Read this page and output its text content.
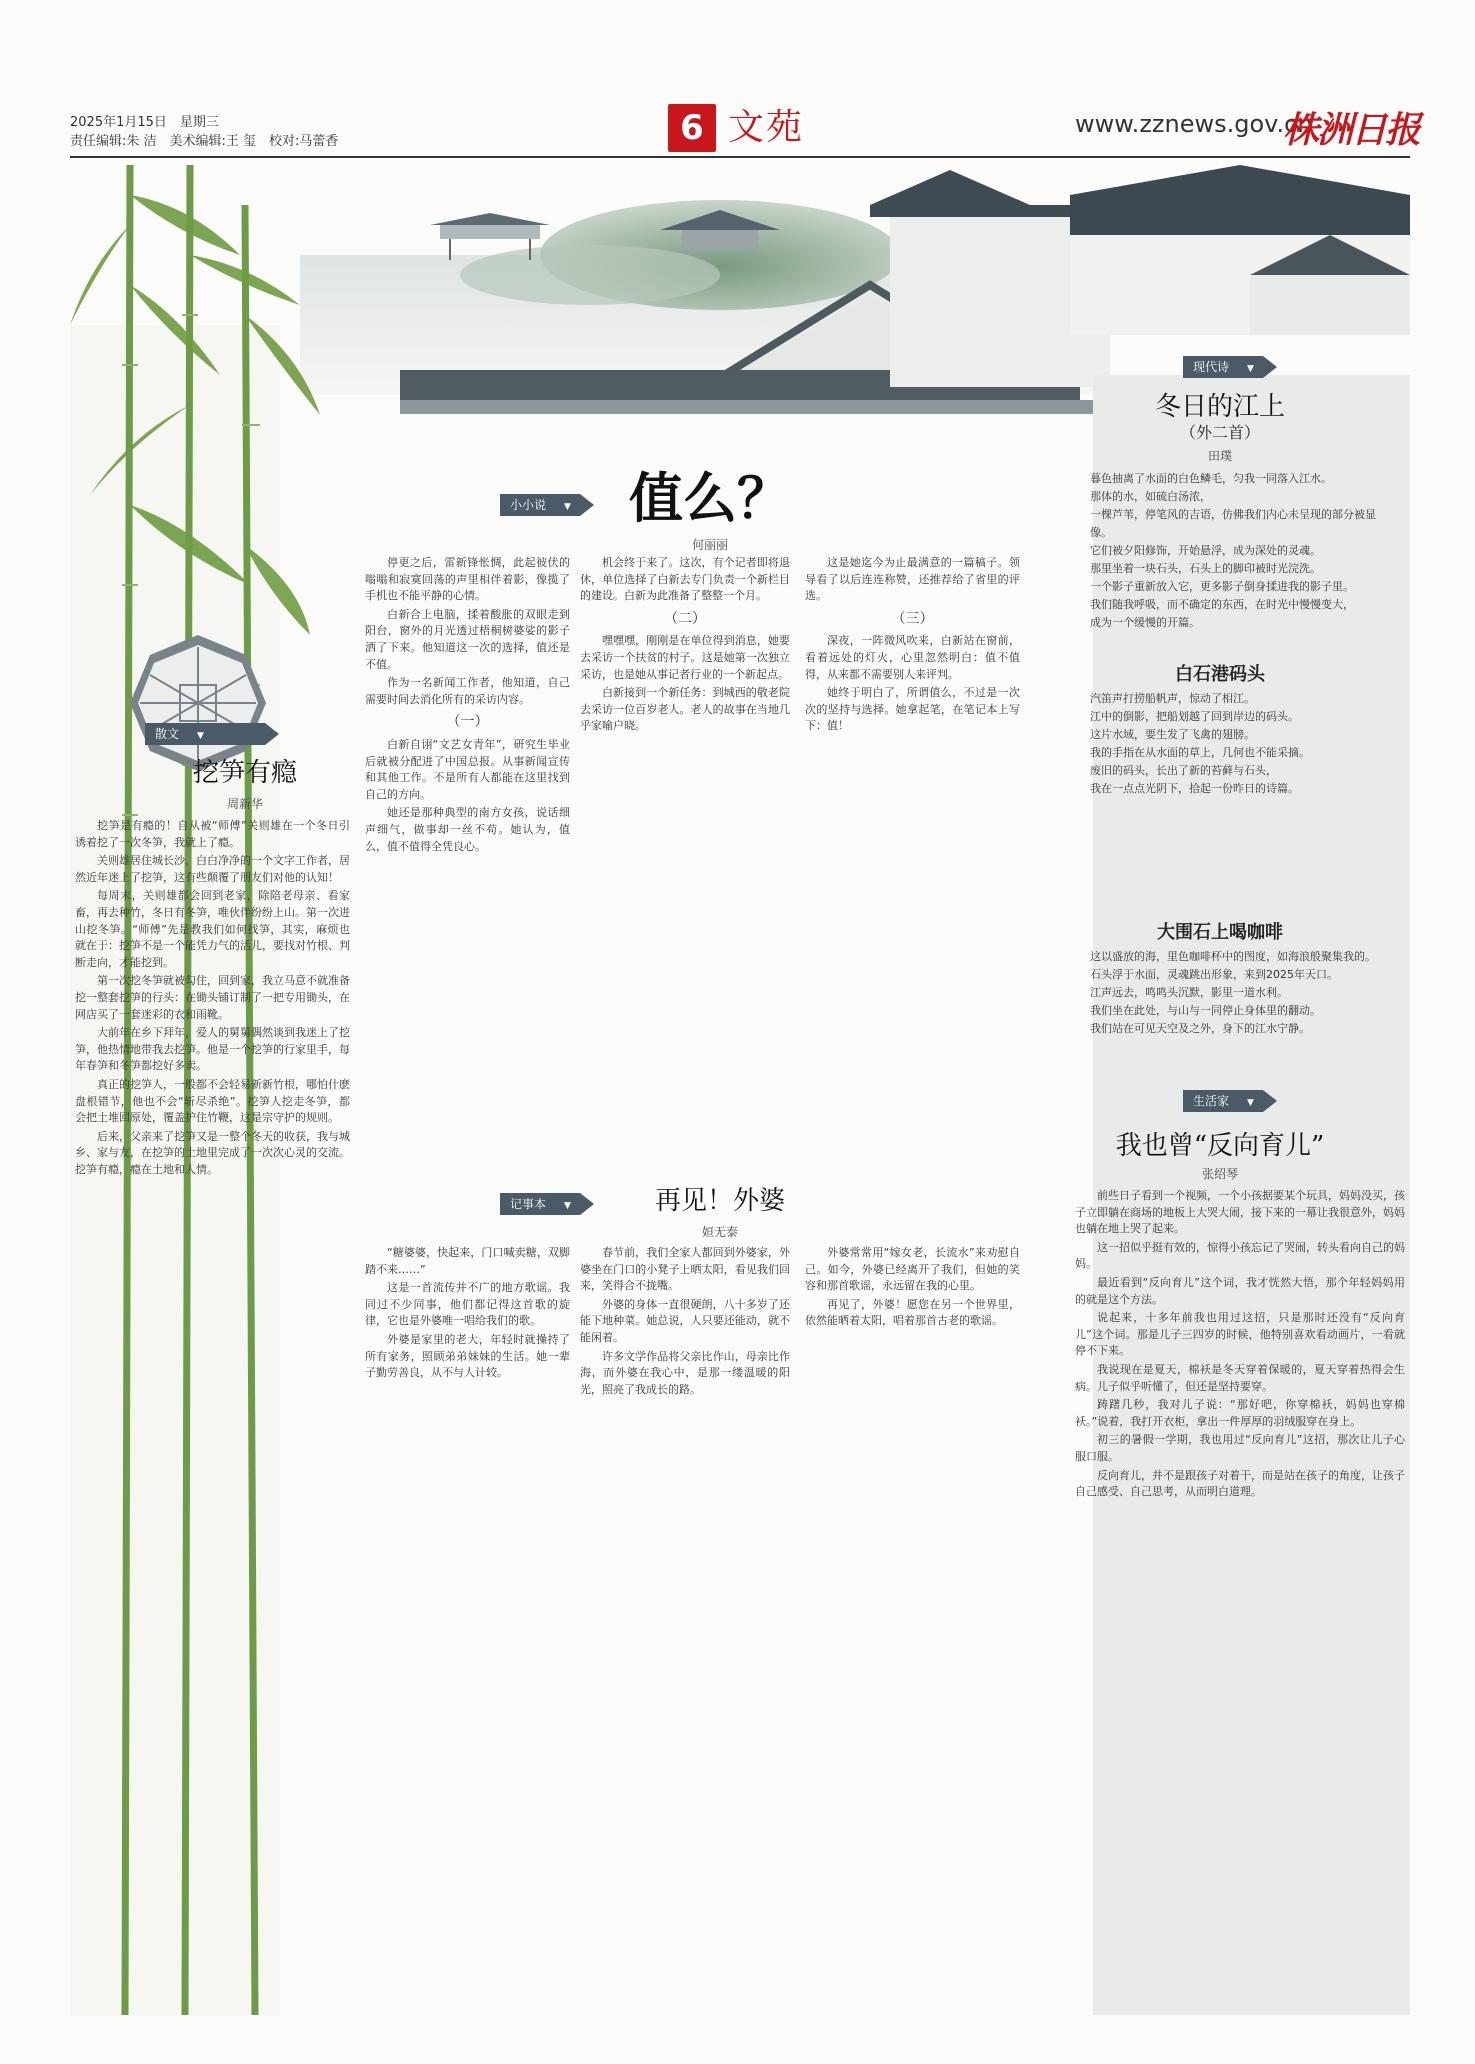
2025年1月15日　星期三
责任编辑:朱 洁　美术编辑:王 玺　校对:马蕾香	6 文苑	www.zznews.gov.cn
株洲日报
散文 ▼
挖笋有瘾
周新华

挖笋是有瘾的！自从被“师傅”关则雄在一个冬日引诱着挖了一次冬笋，我就上了瘾。

关则雄居住城长沙，白白净净的一个文字工作者，居然近年迷上了挖笋，这有些颠覆了朋友们对他的认知！

每周末，关则雄都会回到老家，除陪老母亲、看家畜，再去种竹，冬日有冬笋，唯伙伴纷纷上山。第一次进山挖冬笋。“师傅”先是教我们如何找笋，其实，麻烦也就在于：挖笋不是一个能凭力气的活儿，要找对竹根、判断走向，才能挖到。

第一次挖冬笋就被勾住，回到家，我立马意不就准备挖一整套挖笋的行头：在锄头铺订制了一把专用锄头，在网店买了一套迷彩的衣和雨靴。

大前年在乡下拜年，爱人的舅舅偶然谈到我迷上了挖笋，他热情地带我去挖笋。他是一个挖笋的行家里手，每年春笋和冬笋都挖好多卖。

真正的挖笋人，一般都不会轻易新新竹根，哪怕什麽盘根错节，他也不会“斩尽杀绝”。挖笋人挖走冬笋，都会把土堆回原处，覆盖护住竹鞭，这是宗守护的规则。

后来，父亲来了挖笋又是一整个冬天的收获，我与城乡、家与友，在挖笋的土地里完成了一次次心灵的交流。挖笋有瘾，瘾在土地和人情。

小小说 ▼ 值么？
何丽丽

停更之后，雷新锋怅惆，此起彼伏的嗡嗡和寂寞回荡的声里相伴着影，像揽了手机也不能平静的心情。

白新合上电脑，揉着酸胀的双眼走到阳台，窗外的月光透过梧桐树婆娑的影子洒了下来。他知道这一次的选择，值还是不值。

作为一名新闻工作者，他知道，自己需要时间去消化所有的采访内容。

（一）

白新自诩“文艺女青年”，研究生毕业后就被分配进了中国总报。从事新闻宣传和其他工作。不是所有人都能在这里找到自己的方向。

她还是那种典型的南方女孩，说话细声细气，做事却一丝不苟。她认为，值么，值不值得全凭良心。

机会终于来了。这次，有个记者即将退休，单位选择了白新去专门负责一个新栏目的建设。白新为此准备了整整一个月。

（二）

嘿嘿嘿，刚刚是在单位得到消息，她要去采访一个扶贫的村子。这是她第一次独立采访，也是她从事记者行业的一个新起点。

白新接到一个新任务：到城西的敬老院去采访一位百岁老人。老人的故事在当地几乎家喻户晓。

这是她迄今为止最满意的一篇稿子。领导看了以后连连称赞，还推荐给了省里的评选。

（三）

深夜，一阵微风吹来，白新站在窗前，看着远处的灯火，心里忽然明白：值不值得，从来都不需要别人来评判。

她终于明白了，所谓值么，不过是一次次的坚持与选择。她拿起笔，在笔记本上写下：值！

记事本 ▼	再见！外婆
姮无泰

“糖婆婆，快起来，门口喊卖糖，双脚踏不来……”

这是一首流传并不广的地方歌谣。我同过不少同事，他们都记得这首歌的旋律，它也是外婆唯一唱给我们的歌。

外婆是家里的老大，年轻时就操持了所有家务，照顾弟弟妹妹的生活。她一辈子勤劳善良，从不与人计较。

春节前，我们全家人都回到外婆家，外婆坐在门口的小凳子上晒太阳，看见我们回来，笑得合不拢嘴。

外婆的身体一直很硬朗，八十多岁了还能下地种菜。她总说，人只要还能动，就不能闲着。

许多文学作品将父亲比作山，母亲比作海，而外婆在我心中，是那一缕温暖的阳光，照亮了我成长的路。

外婆常常用“嫁女老，长流水”来劝慰自己。如今，外婆已经离开了我们，但她的笑容和那首歌谣，永远留在我的心里。

再见了，外婆！愿您在另一个世界里，依然能晒着太阳，唱着那首古老的歌谣。

现代诗 ▼
冬日的江上
（外二首）
田璞

暮色抽离了水面的白色鳞毛，匀我一同落入江水。

那体的水，如硫白汤浓，

一棵芦苇，停笔风的吉语，仿佛我们内心未呈现的部分被显像。

它们被夕阳修饰，开始悬浮，成为深处的灵魂。

那里坐着一块石头，石头上的脚印被时光浣洗。

一个影子重新放入它，更多影子倒身揉进我的影子里。

我们随我呼吸，而不确定的东西，在时光中慢慢变大，

成为一个缓慢的开篇。

白石港码头

汽笛声打捞船帆声，惊动了相江。

江中的倒影，把船划越了回到岸边的码头。

这片水域，要生发了飞禽的翅膀。

我的手指在从水面的草上，几何也不能采摘。

废旧的码头，长出了新的苔藓与石头，

我在一点点光阴下，拾起一份昨日的诗篇。

大围石上喝咖啡

这以盛放的海，里色咖啡杯中的图度，如海浪般聚集我的。

石头浮于水面，灵魂跳出形象，来到2025年天口。

江声远去，鸣鸣头沉默，影里一道水利。

我们坐在此处，与山与一同停止身体里的翻动。

我们站在可见天空及之外，身下的江水宁静。

生活家 ▼
我也曾“反向育儿”
张绍琴

前些日子看到一个视频，一个小孩据要某个玩具，妈妈没买，孩子立即躺在商场的地板上大哭大闹，接下来的一幕让我很意外，妈妈也躺在地上哭了起来。

这一招似乎挺有效的，惊得小孩忘记了哭闹，转头看向自己的妈妈。

最近看到“反向育儿”这个词，我才恍然大悟，那个年轻妈妈用的就是这个方法。

说起来，十多年前我也用过这招，只是那时还没有“反向育儿”这个词。那是儿子三四岁的时候，他特别喜欢看动画片，一看就停不下来。

我说现在是夏天，棉袄是冬天穿着保暖的，夏天穿着热得会生病。儿子似乎听懂了，但还是坚持要穿。

踌躇几秒，我对儿子说：“那好吧，你穿棉袄，妈妈也穿棉袄。”说着，我打开衣柜，拿出一件厚厚的羽绒服穿在身上。

初三的暑假一学期，我也用过“反向育儿”这招，那次让儿子心服口服。

反向育儿，并不是跟孩子对着干，而是站在孩子的角度，让孩子自己感受、自己思考，从而明白道理。
